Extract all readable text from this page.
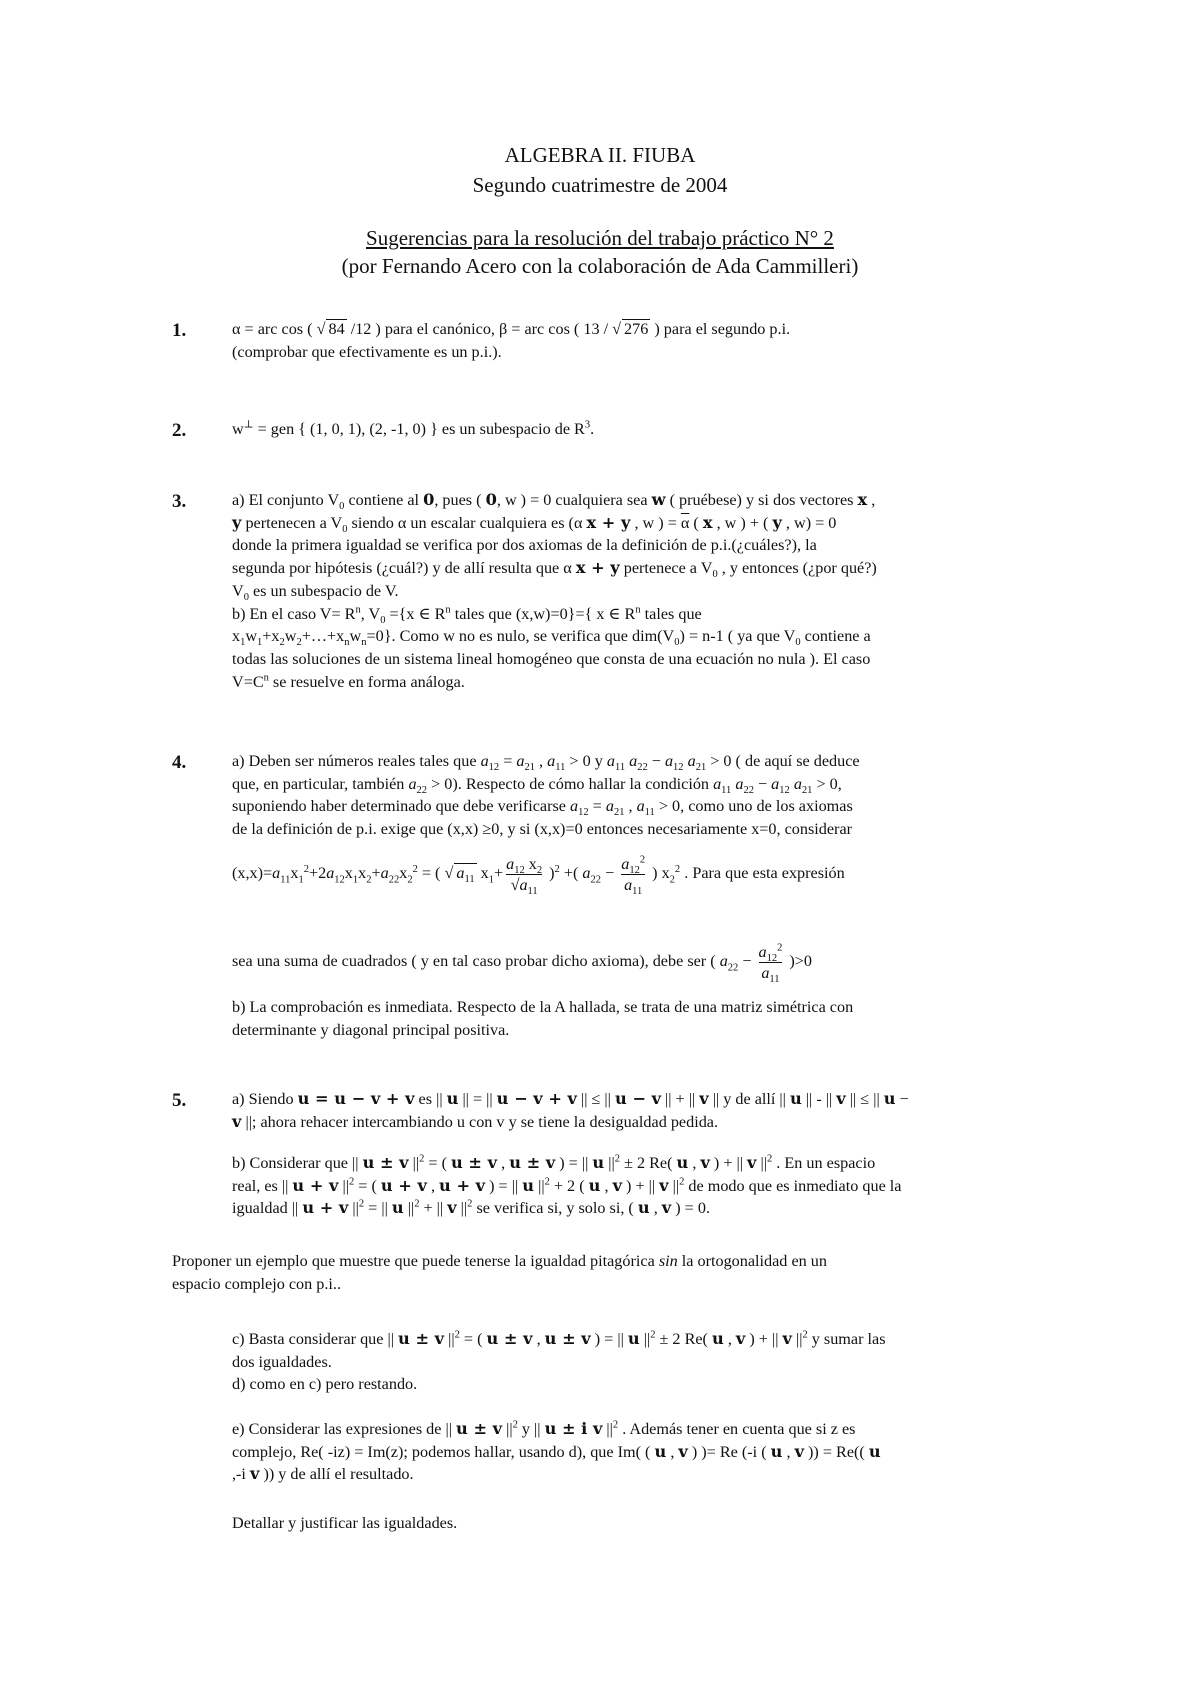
ALGEBRA II. FIUBA
Segundo cuatrimestre de 2004
Sugerencias para la resolución del trabajo práctico N° 2
(por Fernando Acero con la colaboración de Ada Cammilleri)
1.
2.
3.
4.
5.
α = arc cos ( √ 84 /12 ) para el canónico, β = arc cos ( 13 / √ 276 ) para el segundo p.i.
(comprobar que efectivamente es un p.i.).
w⊥ = gen { (1, 0, 1), (2, -1, 0) } es un subespacio de $R^3$.
a) El conjunto $V_0$ contiene al 0, pues ( 0, w ) = 0 cualquiera sea w ( pruébese) y si dos vectores x ,
y pertenecen a $V_0$ siendo α un escalar cualquiera es (α x + y , w ) = $\overline{\alpha}$ ( x , w ) + ( y , w) = 0
donde la primera igualdad se verifica por dos axiomas de la definición de p.i.(¿cuáles?), la
segunda por hipótesis (¿cuál?) y de allí resulta que α x + y pertenece a $V_0$ , y entonces (¿por qué?)
$V_0$ es un subespacio de V.
b) En el caso $V= R^n$, $V_0 =\{x$ ∈ $R^n$ tales que (x,w)=0}={ x ∈ $R^n$ tales que
$x_1w_1+x_2w_2+\dots+x_nw_n=0$}. Como w no es nulo, se verifica que $dim(V_0) = n-1$ ( ya que $V_0$ contiene a
todas las soluciones de un sistema lineal homogéneo que consta de una ecuación no nula ). El caso
$V=C^n$ se resuelve en forma análoga.
a) Deben ser números reales tales que $a_{12} = a_{21}$ , $a_{11} > 0$ y $a_{11}$ $a_{22} - a_{12}$ $a_{21} > 0$ ( de aquí se deduce
que, en particular, también $a_{22} > 0$). Respecto de cómo hallar la condición $a_{11}$ $a_{22} - a_{12}$ $a_{21} > 0$,
suponiendo haber determinado que debe verificarse $a_{12} = a_{21}$ , $a_{11} > 0$, como uno de los axiomas
de la definición de p.i. exige que (x,x) ≥0, y si (x,x)=0 entonces necesariamente x=0, considerar
$(x,x)=a_{11}x_1^2+2a_{12}x_1x_2+a_{22}x_2^2$ = ( √ $a_{11}$ $x_1+ \frac{a_{12} x_2}{√a_{11}} )^2$ +( $a_{22} - \frac{a_{12}^2}{a_{11}}$ ) $x_2^2$ . Para que esta expresión
sea una suma de cuadrados ( y en tal caso probar dicho axioma), debe ser ( $a_{22} - \frac{a_{12}^2}{a_{11}} )>0$
b) La comprobación es inmediata. Respecto de la A hallada, se trata de una matriz simétrica con
determinante y diagonal principal positiva.
a) Siendo u = u − v + v es || u || = || u − v + v || ≤ || u − v || + || v || y de allí || u || - || v || ≤ || u −
v ||; ahora rehacer intercambiando u con v y se tiene la desigualdad pedida.
b) Considerar que || u ± v $||^2$ = ( u ± v , u ± v ) = || u $||^2 \pm 2$ Re( u , v ) + || v $||^2$ . En un espacio
real, es || u + v $||^2$ = ( u + v , u + v ) = || u $||^2 + 2$ ( u , v ) + || v $||^2$ de modo que es inmediato que la
igualdad || u + v $||^2$ = || u $||^2$ + || v $||^2$ se verifica si, y solo si, ( u , v ) = 0.
Proponer un ejemplo que muestre que puede tenerse la igualdad pitagórica sin la ortogonalidad en un
espacio complejo con p.i..
c) Basta considerar que || u ± v $||^2$ = ( u ± v , u ± v ) = || u $||^2 \pm 2$ Re( u , v ) + || v $||^2$ y sumar las
dos igualdades.
d) como en c) pero restando.
e) Considerar las expresiones de || u ± v $||^2$ y || u ± i v $||^2$ . Además tener en cuenta que si z es
complejo, Re( -iz) = Im(z); podemos hallar, usando d), que Im( ( u , v ) )= Re (-i ( u , v )) = Re(( u
,-i v )) y de allí el resultado.
Detallar y justificar las igualdades.
